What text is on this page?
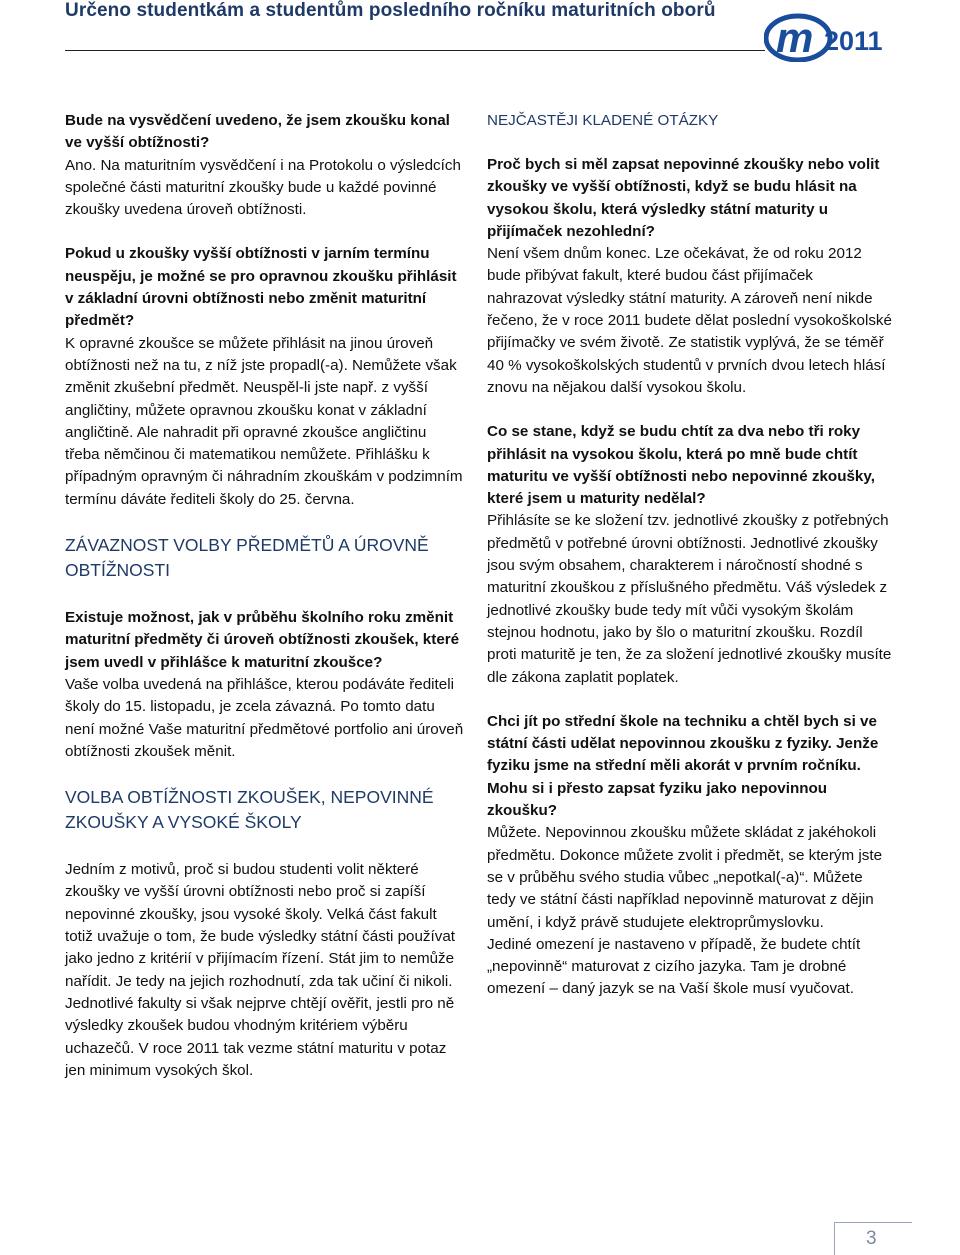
Určeno studentkám a studentům posledního ročníku maturitních oborů
m 2011

Bude na vysvědčení uvedeno, že jsem zkoušku konal ve vyšší obtížnosti?
Ano. Na maturitním vysvědčení i na Protokolu o výsledcích společné části maturitní zkoušky bude u každé povinné zkoušky uvedena úroveň obtížnosti.

Pokud u zkoušky vyšší obtížnosti v jarním termínu neuspěju, je možné se pro opravnou zkoušku přihlásit v základní úrovni obtížnosti nebo změnit maturitní předmět?
K opravné zkoušce se můžete přihlásit na jinou úroveň obtížnosti než na tu, z níž jste propadl(-a). Nemůžete však změnit zkušební předmět. Neuspěl-li jste např. z vyšší angličtiny, můžete opravnou zkoušku konat v základní angličtině. Ale nahradit při opravné zkoušce angličtinu třeba němčinou či matematikou nemůžete. Přihlášku k případným opravným či náhradním zkouškám v podzimním termínu dáváte řediteli školy do 25. června.

ZÁVAZNOST VOLBY PŘEDMĚTŮ A ÚROVNĚ OBTÍŽNOSTI

Existuje možnost, jak v průběhu školního roku změnit maturitní předměty či úroveň obtížnosti zkoušek, které jsem uvedl v přihlášce k maturitní zkoušce?
Vaše volba uvedená na přihlášce, kterou podáváte řediteli školy do 15. listopadu, je zcela závazná. Po tomto datu není možné Vaše maturitní předmětové portfolio ani úroveň obtížnosti zkoušek měnit.

VOLBA OBTÍŽNOSTI ZKOUŠEK, NEPOVINNÉ ZKOUŠKY A VYSOKÉ ŠKOLY

Jedním z motivů, proč si budou studenti volit některé zkoušky ve vyšší úrovni obtížnosti nebo proč si zapíší nepovinné zkoušky, jsou vysoké školy. Velká část fakult totiž uvažuje o tom, že bude výsledky státní části používat jako jedno z kritérií v přijímacím řízení. Stát jim to nemůže nařídit. Je tedy na jejich rozhodnutí, zda tak učiní či nikoli. Jednotlivé fakulty si však nejprve chtějí ověřit, jestli pro ně výsledky zkoušek budou vhodným kritériem výběru uchazečů. V roce 2011 tak vezme státní maturitu v potaz jen minimum vysokých škol.

NEJČASTĚJI KLADENÉ OTÁZKY

Proč bych si měl zapsat nepovinné zkoušky nebo volit zkoušky ve vyšší obtížnosti, když se budu hlásit na vysokou školu, která výsledky státní maturity u přijímaček nezohlední?
Není všem dnům konec. Lze očekávat, že od roku 2012 bude přibývat fakult, které budou část přijímaček nahrazovat výsledky státní maturity. A zároveň není nikde řečeno, že v roce 2011 budete dělat poslední vysokoškolské přijímačky ve svém životě. Ze statistik vyplývá, že se téměř 40 % vysokoškolských studentů v prvních dvou letech hlásí znovu na nějakou další vysokou školu.

Co se stane, když se budu chtít za dva nebo tři roky přihlásit na vysokou školu, která po mně bude chtít maturitu ve vyšší obtížnosti nebo nepovinné zkoušky, které jsem u maturity nedělal?
Přihlásíte se ke složení tzv. jednotlivé zkoušky z potřebných předmětů v potřebné úrovni obtížnosti. Jednotlivé zkoušky jsou svým obsahem, charakterem i náročností shodné s maturitní zkouškou z příslušného předmětu. Váš výsledek z jednotlivé zkoušky bude tedy mít vůči vysokým školám stejnou hodnotu, jako by šlo o maturitní zkoušku. Rozdíl proti maturitě je ten, že za složení jednotlivé zkoušky musíte dle zákona zaplatit poplatek.

Chci jít po střední škole na techniku a chtěl bych si ve státní části udělat nepovinnou zkoušku z fyziky. Jenže fyziku jsme na střední měli akorát v prvním ročníku. Mohu si i přesto zapsat fyziku jako nepovinnou zkoušku?
Můžete. Nepovinnou zkoušku můžete skládat z jakéhokoli předmětu. Dokonce můžete zvolit i předmět, se kterým jste se v průběhu svého studia vůbec „nepotkal(-a)“. Můžete tedy ve státní části například nepovinně maturovat z dějin umění, i když právě studujete elektroprůmyslovku.
Jediné omezení je nastaveno v případě, že budete chtít „nepovinně“ maturovat z cizího jazyka. Tam je drobné omezení – daný jazyk se na Vaší škole musí vyučovat.

3
